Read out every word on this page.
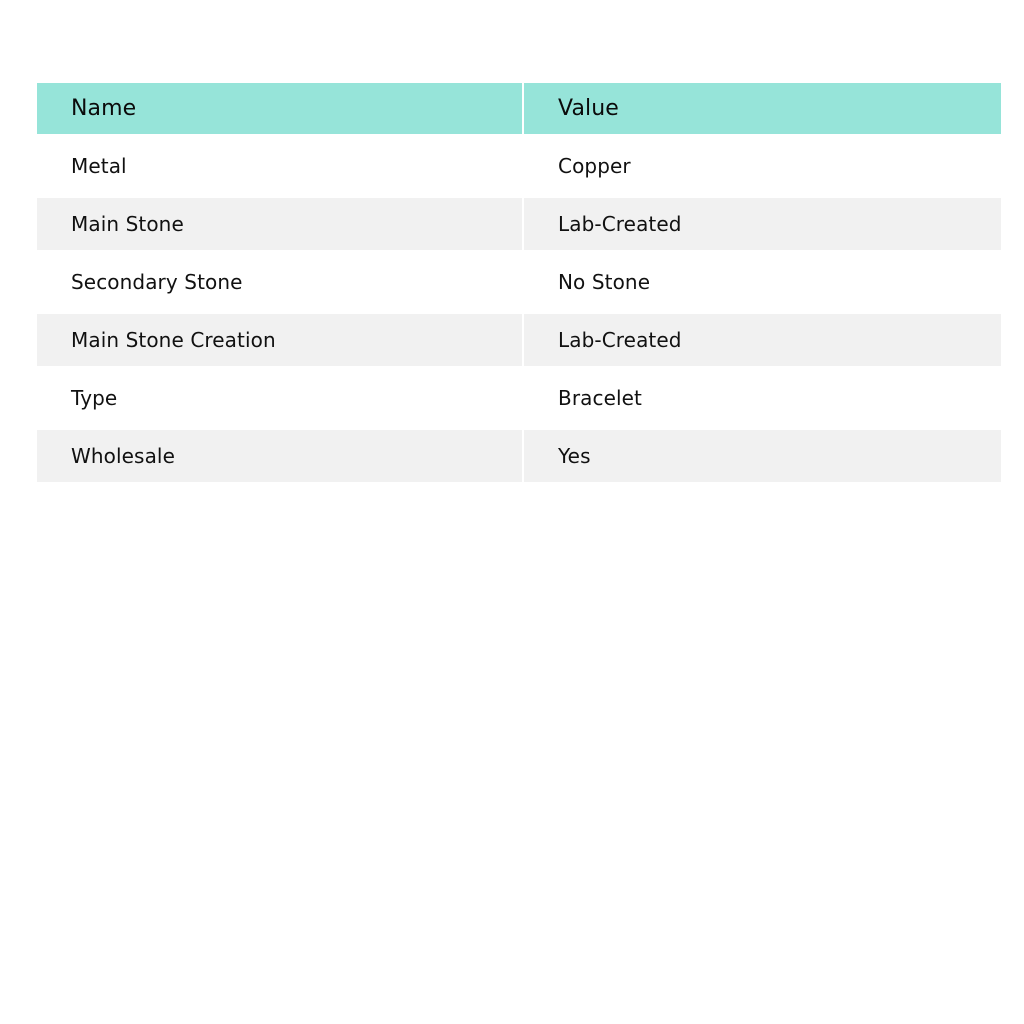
Name	Value
Metal	Copper
Main Stone	Lab-Created
Secondary Stone	No Stone
Main Stone Creation	Lab-Created
Type	Bracelet
Wholesale	Yes
